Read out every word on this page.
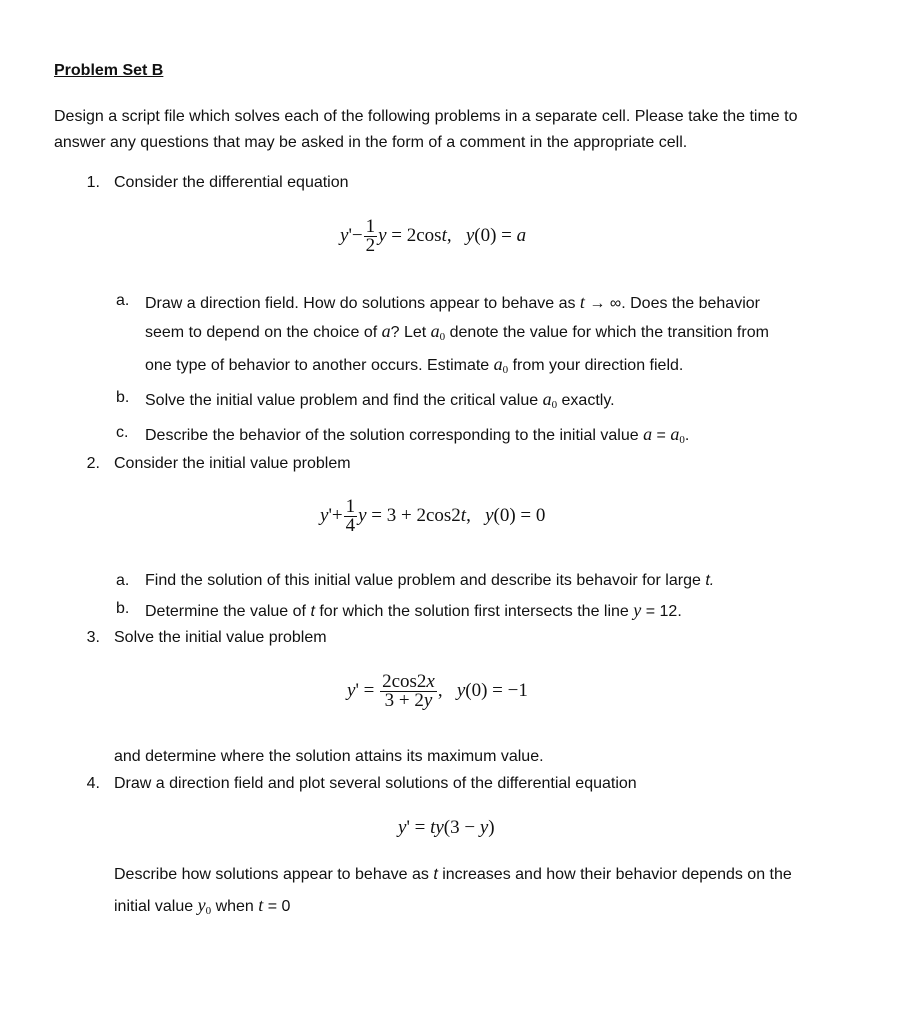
Problem Set B
Design a script file which solves each of the following problems in a separate cell. Please take the time to
answer any questions that may be asked in the form of a comment in the appropriate cell.
1. Consider the differential equation
$y'- \frac{1}{2}$ y = 2cost,   y(0) = a
a. Draw a direction field. How do solutions appear to behave as t → ∞. Does the behavior
seem to depend on the choice of a? Let $a_0$ denote the value for which the transition from
one type of behavior to another occurs. Estimate $a_0$ from your direction field.
b. Solve the initial value problem and find the critical value $a_0$ exactly.
c. Describe the behavior of the solution corresponding to the initial value $a = a_0$.
2. Consider the initial value problem
$y'+ \frac{1}{4}$ y = 3 + 2cos2t,   y(0) = 0
a. Find the solution of this initial value problem and describe its behavoir for large t.
b. Determine the value of t for which the solution first intersects the line y = 12.
3. Solve the initial value problem
$y' = \frac{2\cos 2x}{3 + 2y}$ ,   y(0) = −1
and determine where the solution attains its maximum value.
4. Draw a direction field and plot several solutions of the differential equation
y' = ty(3 − y)
Describe how solutions appear to behave as t increases and how their behavior depends on the
initial value $y_0$ when t = 0
